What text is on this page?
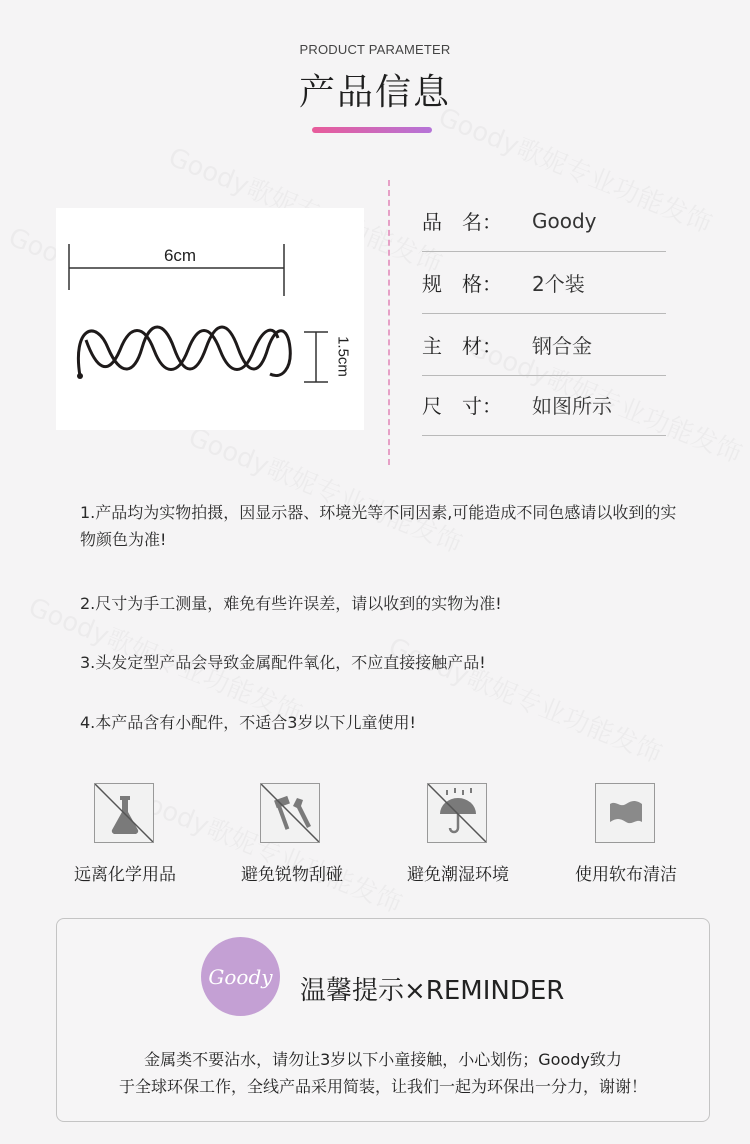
PRODUCT PARAMETER
产品信息
6cm
1.5cm
品　名：	Goody
规　格：	2个装
主　材：	钢合金
尺　寸：	如图所示
1.产品均为实物拍摄，因显示器、环境光等不同因素,可能造成不同色感请以收到的实物颜色为准!
2.尺寸为手工测量，难免有些许误差，请以收到的实物为准!
3.头发定型产品会导致金属配件氧化，不应直接接触产品!
4.本产品含有小配件，不适合3岁以下儿童使用!
远离化学用品	避免锐物刮碰	避免潮湿环境	使用软布清洁
Goody 温馨提示×REMINDER
金属类不要沾水，请勿让3岁以下小童接触，小心划伤；Goody致力
于全球环保工作，全线产品采用简装，让我们一起为环保出一分力，谢谢！
